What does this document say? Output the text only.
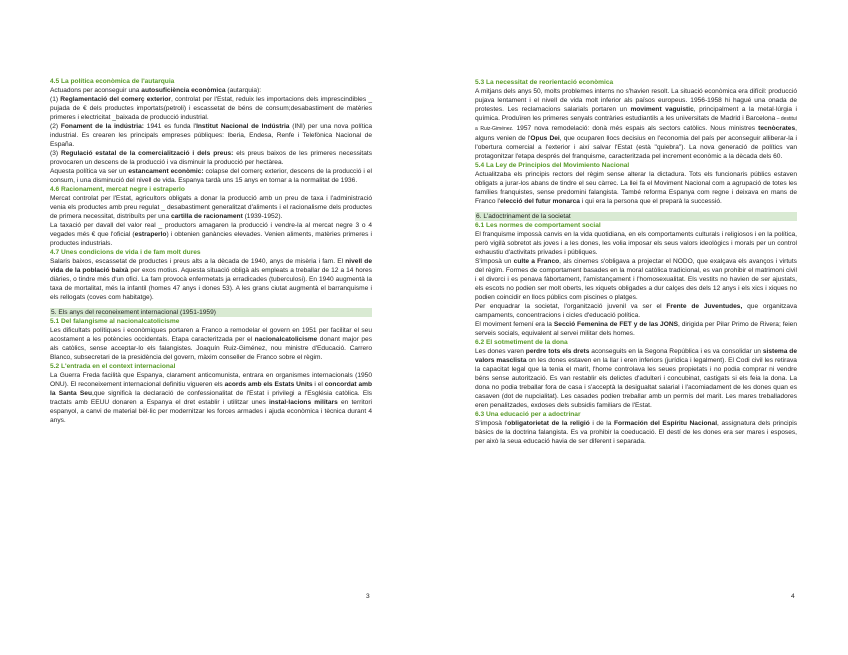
4.5 La política econòmica de l'autarquia

Actuadons per aconseguir una autosuficiència econòmica (autarquia):

(1) Reglamentació del comerç exterior, controlat per l'Estat, reduix les importacions dels imprescindibles _ pujada de € dels productes importats(petroli) i escassetat de béns de consum;desabastiment de matèries primeres i electricitat _baixada de producció industrial.

(2) Fonament de la indústria: 1941 es funda l'Institut Nacional de Indústria (INI) per una nova política industrial. Es crearen les principals empreses públiques: Iberia, Endesa, Renfe i Telefònica Nacional de España.

(3) Regulació estatal de la comercialització i dels preus: els preus baixos de les primeres necessitats provocaren un descens de la producció i va disminuir la producció per hectàrea.

Aquesta política va ser un estancament econòmic: colapse del comerç exterior, descens de la producció i el consum, i una disminució del nivell de vida. Espanya tardà uns 15 anys en tornar a la normalitat de 1936.

4.6 Racionament, mercat negre i estraperlo

Mercat controlat per l'Estat, agricultors obligats a donar la producció amb un preu de taxa i l'administració venia els productes amb preu regulat _ desabastiment generalitzat d'aliments i el racionalisme dels productes de primera necessitat, distribuïts per una cartilla de racionament (1939-1952).

La taxació per davall del valor real _ productors amagaren la producció i vendre-la al mercat negre 3 o 4 vegades més € que l'oficial (estraperlo) i obtenien ganàncies elevades. Venien aliments, matèries primeres i productes industrials.

4.7 Unes condicions de vida i de fam molt dures

Salaris baixos, escassetat de productes i preus alts a la dècada de 1940, anys de misèria i fam. El nivell de vida de la població baixà per exos motius. Aquesta situació obligà als empleats a treballar de 12 a 14 hores diàries, o tindre més d'un ofici. La fam provocà enfermetats ja erradicades (tuberculosi). En 1940 augmentà la taxa de mortalitat, més la infantil (homes 47 anys i dones 53). A les grans ciutat augmentà el barranquisme i els rellogats (coves com habitatge).

5. Els anys del reconeixement internacional (1951-1959)
5.1 Del falangisme al nacionalcatolicisme

Les dificultats polítiques i econòmiques portaren a Franco a remodelar el govern en 1951 per facilitar el seu acostament a les potències occidentals. Etapa caracteritzada per el nacionalcatolicisme donant major pes als catòlics, sense acceptar-lo els falangistes. Joaquín Ruiz-Giménez, nou ministre d'Educació. Carrero Blanco, subsecretari de la presidència del govern, màxim conseller de Franco sobre el règim.

5.2 L'entrada en el context internacional

La Guerra Freda facilità que Espanya, clarament anticomunista, entrara en organismes internacionals (1950 ONU). El reconeixement internacional definitiu vigueren els acords amb els Estats Units i el concordat amb la Santa Seu,que significà la declaració de confessionalitat de l'Estat i privilegi a l'Església catòlica. Els tractats amb EEUU donaren a Espanya el dret establir i utilitzar unes instal·lacions militars en territori espanyol, a canvi de material bèl·lic per modernitzar les forces armades i ajuda econòmica i tècnica durant 4 anys.

5.3 La necessitat de reorientació econòmica

A mitjans dels anys 50, molts problemes interns no s'havien resolt. La situació econòmica era difícil: producció pujava lentament i el nivell de vida molt inferior als països europeus. 1956-1958 hi hagué una onada de protestes. Les reclamacions salarials portaren un moviment vaguistic, principalment a la metal·lúrgia i química. Produïren les primeres senyals contràries estudiantils a les universitats de Madrid i Barcelona – destituí a Ruiz-Giménez. 1957 nova remodelació: donà més espais als sectors catòlics. Nous ministres tecnòcrates, alguns venien de l'Opus Dei, que ocuparen llocs decisius en l'economia del país per aconseguir alliberar-la i l'obertura comercial a l'exterior i així salvar l'Estat (està "quiebra"). La nova generació de polítics van protagonitzar l'etapa després del franquisme, caracteritzada pel increment econòmic a la dècada dels 60.

5.4 La Ley de Principios del Movimiento Nacional

Actualitzaba els principis rectors del règim sense alterar la dictadura. Tots els funcionaris públics estaven obligats a jurar-los abans de tindre el seu càrrec. La llei fa el Moviment Nacional com a agrupació de totes les famílies franquistes, sense predomini falangista. També reforma Espanya com regne i deixava en mans de Franco l'elecció del futur monarca i qui era la persona que el preparà la successió.

6. L'adoctrinament de la societat
6.1 Les normes de comportament social

El franquisme impossà canvis en la vida quotidiana, en els comportaments culturals i religiosos i en la política, però vigilà sobretot als joves i a les dones, les volia imposar els seus valors ideològics i morals per un control exhaustiu d'activitats privades i públiques.

S'imposà un culte a Franco, als cinemes s'obligava a projectar el NODO, que exalçava els avanços i virtuts del règim. Formes de comportament basades en la moral catòlica tradicional, es van prohibir el matrimoni civil i el divorci i es penava fàbortament, l'amistançament i l'homosexualitat. Els vestits no havien de ser ajustats, els escots no podien ser molt oberts, les xiquets obligades a dur calçes des dels 12 anys i els xics i xiques no podien coincidir en llocs públics com piscines o platges.

Per enquadrar la societat, l'organització juvenil va ser el Frente de Juventudes, que organitzava campaments, concentracions i cicles d'educació política.

El moviment femení era la Secció Femenina de FET y de las JONS, dirigida per Pilar Primo de Rivera; feien serveis socials, equivalent al servei militar dels homes.

6.2 El sotmetiment de la dona

Les dones varen perdre tots els drets aconseguits en la Segona República i es va consolidar un sistema de valors masclista on les dones estaven en la llar i eren inferiors (jurídica i legalment). El Codi civil les retirava la capacitat legal que la tenia el marit, l'home controlava les seues propietats i no podia comprar ni vendre béns sense autorització. Es van restablir els delictes d'adulteri i concubinat, castigats si els feia la dona. La dona no podia treballar fora de casa i s'acceptà la desigualtat salarial i l'acomiadament de les dones quan es casaven (dot de nupcialitat). Les casades podien treballar amb un permís del marit. Les mares treballadores eren penalitzades, exdoses dels subsidis familiars de l'Estat.

6.3 Una educació per a adoctrinar

S'imposà l'obligatorietat de la religió i de la Formación del Espíritu Nacional, assignatura dels principis bàsics de la doctrina falangista. Es va prohibir la coeducació. El destí de les dones era ser mares i esposes, per això la seua educació havia de ser diferent i separada.

3	4
